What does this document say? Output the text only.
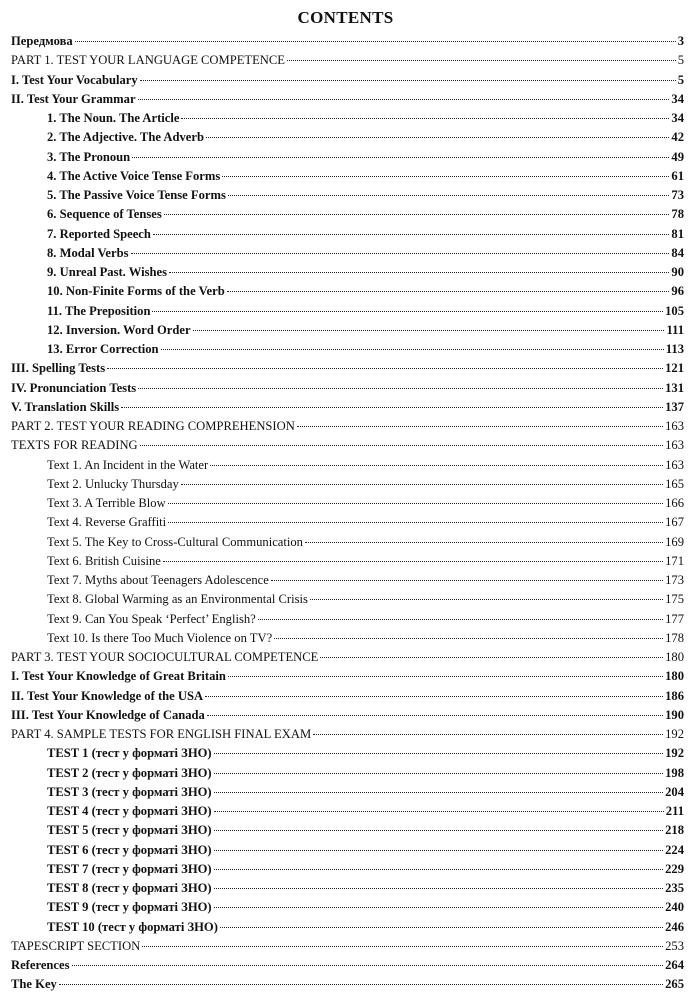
CONTENTS
Передмова	3
PART 1. TEST YOUR LANGUAGE COMPETENCE	5
I. Test Your Vocabulary	5
II. Test Your Grammar	34
1. The Noun. The Article	34
2. The Adjective. The Adverb	42
3. The Pronoun	49
4. The Active Voice Tense Forms	61
5. The Passive Voice Tense Forms	73
6. Sequence of Tenses	78
7. Reported Speech	81
8. Modal Verbs	84
9. Unreal Past. Wishes	90
10. Non-Finite Forms of the Verb	96
11. The Preposition	105
12. Inversion. Word Order	111
13. Error Correction	113
III. Spelling Tests	121
IV. Pronunciation Tests	131
V. Translation Skills	137
PART 2. TEST YOUR READING COMPREHENSION	163
TEXTS FOR READING	163
Text 1. An Incident in the Water	163
Text 2. Unlucky Thursday	165
Text 3. A Terrible Blow	166
Text 4. Reverse Graffiti	167
Text 5. The Key to Cross-Cultural Communication	169
Text 6. British Cuisine	171
Text 7. Myths about Teenagers Adolescence	173
Text 8. Global Warming as an Environmental Crisis	175
Text 9. Can You Speak ‘Perfect’ English?	177
Text 10. Is there Too Much Violence on TV?	178
PART 3. TEST YOUR SOCIOCULTURAL COMPETENCE	180
I. Test Your Knowledge of Great Britain	180
II. Test Your Knowledge of the USA	186
III. Test Your Knowledge of Canada	190
PART 4. SAMPLE TESTS FOR ENGLISH FINAL EXAM	192
TEST 1 (тест у форматі ЗНО)	192
TEST 2 (тест у форматі ЗНО)	198
TEST 3 (тест у форматі ЗНО)	204
TEST 4 (тест у форматі ЗНО)	211
TEST 5 (тест у форматі ЗНО)	218
TEST 6 (тест у форматі ЗНО)	224
TEST 7 (тест у форматі ЗНО)	229
TEST 8 (тест у форматі ЗНО)	235
TEST 9 (тест у форматі ЗНО)	240
TEST 10 (тест у форматі ЗНО)	246
TAPESCRIPT SECTION	253
References	264
The Key	265
